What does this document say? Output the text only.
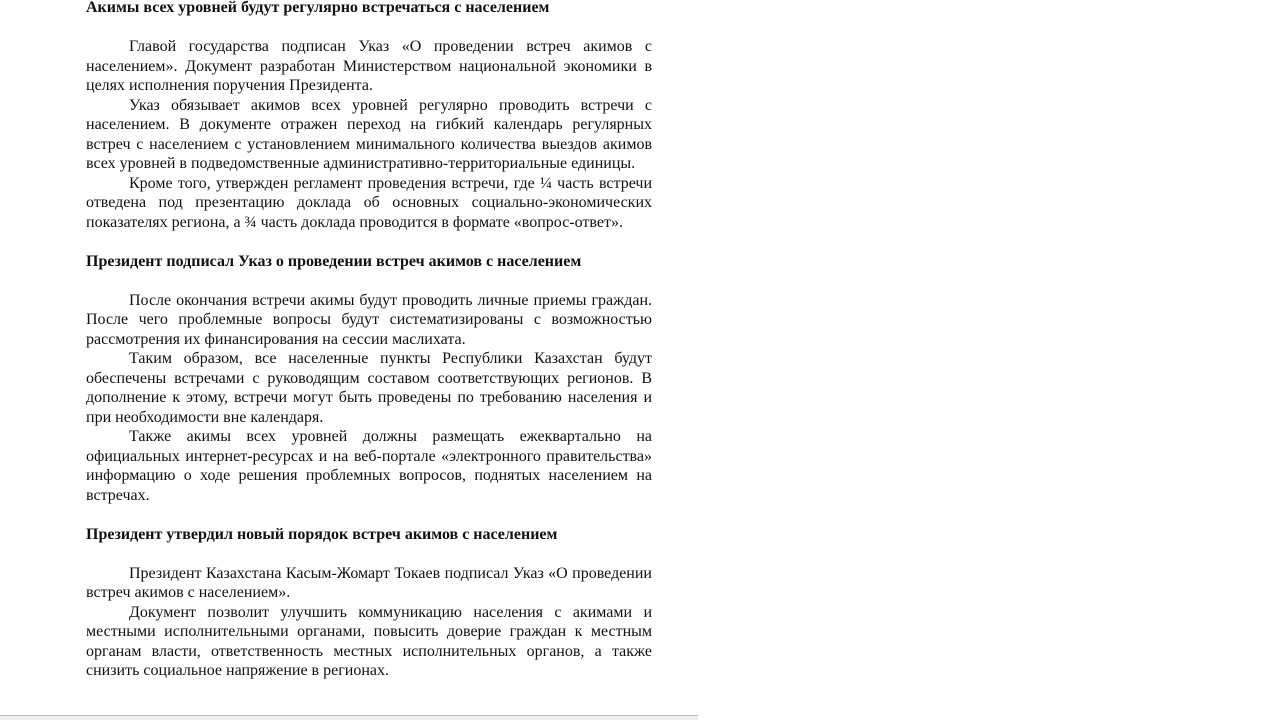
Акимы всех уровней будут регулярно встречаться с населением

Главой государства подписан Указ «О проведении встреч акимов с населением». Документ разработан Министерством национальной экономики в целях исполнения поручения Президента.

Указ обязывает акимов всех уровней регулярно проводить встречи с населением. В документе отражен переход на гибкий календарь регулярных встреч с населением с установлением минимального количества выездов акимов всех уровней в подведомственные административно-территориальные единицы.

Кроме того, утвержден регламент проведения встречи, где ¼ часть встречи отведена под презентацию доклада об основных социально-экономических показателях региона, а ¾ часть доклада проводится в формате «вопрос-ответ».

Президент подписал Указ о проведении встреч акимов с населением

После окончания встречи акимы будут проводить личные приемы граждан. После чего проблемные вопросы будут систематизированы с возможностью рассмотрения их финансирования на сессии маслихата.

Таким образом, все населенные пункты Республики Казахстан будут обеспечены встречами с руководящим составом соответствующих регионов. В дополнение к этому, встречи могут быть проведены по требованию населения и при необходимости вне календаря.

Также акимы всех уровней должны размещать ежеквартально на официальных интернет-ресурсах и на веб-портале «электронного правительства» информацию о ходе решения проблемных вопросов, поднятых населением на встречах.

Президент утвердил новый порядок встреч акимов с населением

Президент Казахстана Касым-Жомарт Токаев подписал Указ «О проведении встреч акимов с населением».

Документ позволит улучшить коммуникацию населения с акимами и местными исполнительными органами, повысить доверие граждан к местным органам власти, ответственность местных исполнительных органов, а также снизить социальное напряжение в регионах.
